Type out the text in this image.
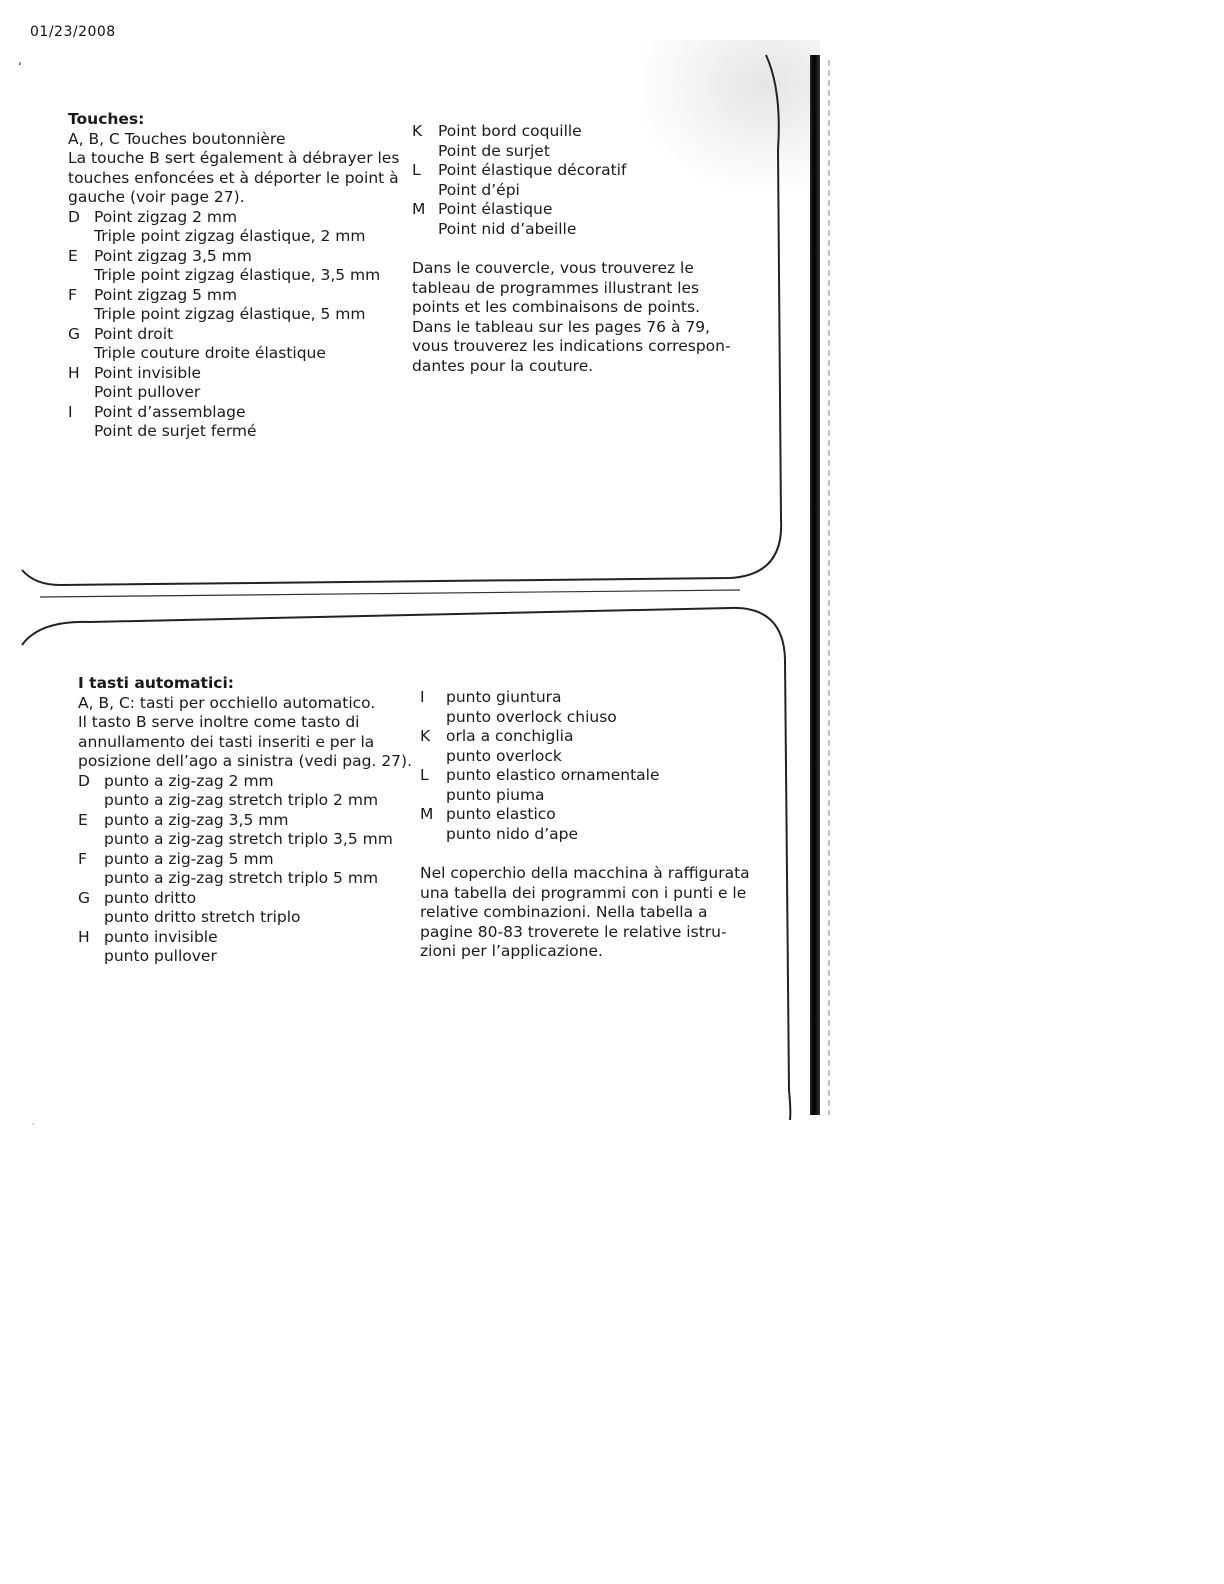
01/23/2008
ʻ
Touches:
A, B, C Touches boutonnière
La touche B sert également à débrayer les
touches enfoncées et à déporter le point à
gauche (voir page 27).
D Point zigzag 2 mm
Triple point zigzag élastique, 2 mm
E	Point zigzag 3,5 mm
Triple point zigzag élastique, 3,5 mm
F	Point zigzag 5 mm
Triple point zigzag élastique, 5 mm
G Point droit
Triple couture droite élastique
H Point invisible
Point pullover
I	Point d’assemblage
Point de surjet fermé
K	Point bord coquille
Point de surjet
L	Point élastique décoratif
Point d’épi
M Point élastique
Point nid d’abeille
Dans le couvercle, vous trouverez le
tableau de programmes illustrant les
points et les combinaisons de points.
Dans le tableau sur les pages 76 à 79,
vous trouverez les indications correspon-
dantes pour la couture.
I tasti automatici:
A, B, C: tasti per occhiello automatico.
Il tasto B serve inoltre come tasto di
annullamento dei tasti inseriti e per la
posizione dell’ago a sinistra (vedi pag. 27).
D punto a zig-zag 2 mm
punto a zig-zag stretch triplo 2 mm
E	punto a zig-zag 3,5 mm
punto a zig-zag stretch triplo 3,5 mm
F	punto a zig-zag 5 mm
punto a zig-zag stretch triplo 5 mm
G punto dritto
punto dritto stretch triplo
H punto invisible
punto pullover
I	punto giuntura
punto overlock chiuso
K	orla a conchiglia
punto overlock
L	punto elastico ornamentale
punto piuma
M punto elastico
punto nido d’ape
Nel coperchio della macchina à raffigurata
una tabella dei programmi con i punti e le
relative combinazioni. Nella tabella a
pagine 80-83 troverete le relative istru-
zioni per l’applicazione.
·
